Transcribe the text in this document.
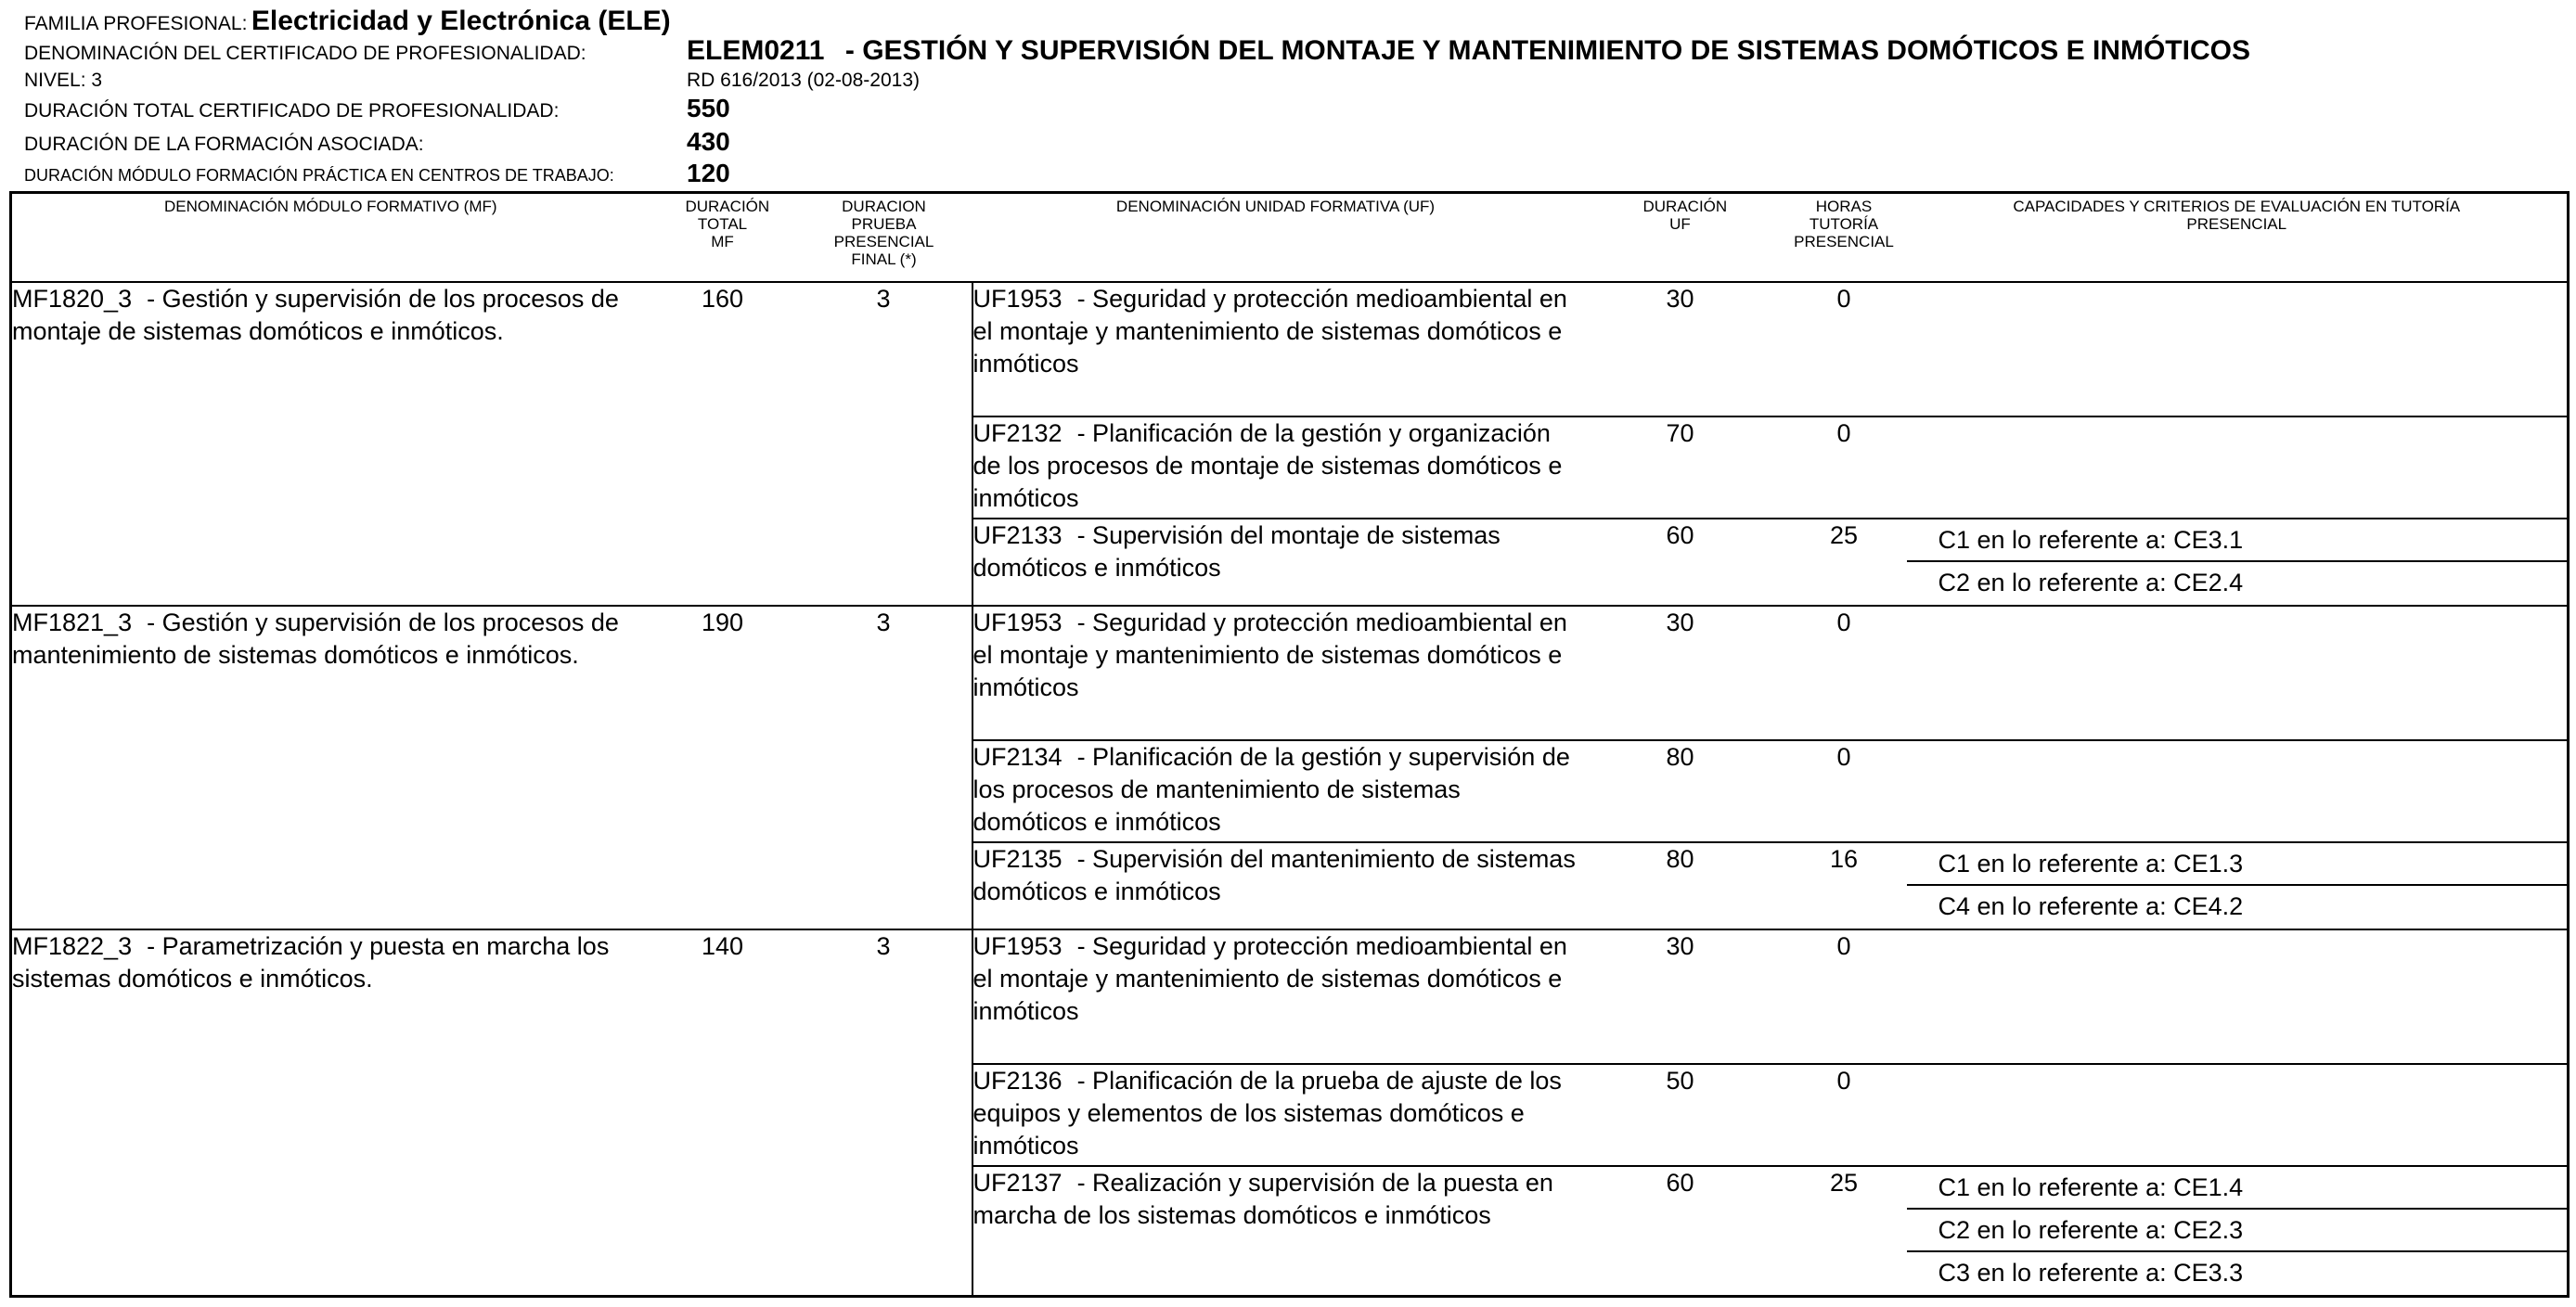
FAMILIA PROFESIONAL: Electricidad y Electrónica (ELE)
DENOMINACIÓN DEL CERTIFICADO DE PROFESIONALIDAD:	ELEM0211 - GESTIÓN Y SUPERVISIÓN DEL MONTAJE Y MANTENIMIENTO DE SISTEMAS DOMÓTICOS E INMÓTICOS
NIVEL: 3	RD 616/2013 (02-08-2013)
DURACIÓN TOTAL CERTIFICADO DE PROFESIONALIDAD:	550
DURACIÓN DE LA FORMACIÓN ASOCIADA:	430
DURACIÓN MÓDULO FORMACIÓN PRÁCTICA EN CENTROS DE TRABAJO:	120
DENOMINACIÓN MÓDULO FORMATIVO (MF)	DURACIÓN TOTAL MF	DURACION PRUEBA PRESENCIAL FINAL (*)	DENOMINACIÓN UNIDAD FORMATIVA (UF)	DURACIÓN UF	HORAS TUTORÍA PRESENCIAL	CAPACIDADES Y CRITERIOS DE EVALUACIÓN EN TUTORÍA PRESENCIAL

MF1820_3 - Gestión y supervisión de los procesos de montaje de sistemas domóticos e inmóticos.	160	3	UF1953 - Seguridad y protección medioambiental en el montaje y mantenimiento de sistemas domóticos e inmóticos	30	0	
			UF2132 - Planificación de la gestión y organización de los procesos de montaje de sistemas domóticos e inmóticos	70	0	
			UF2133 - Supervisión del montaje de sistemas domóticos e inmóticos	60	25	C1 en lo referente a: CE3.1
C2 en lo referente a: CE2.4

MF1821_3 - Gestión y supervisión de los procesos de mantenimiento de sistemas domóticos e inmóticos.	190	3	UF1953 - Seguridad y protección medioambiental en el montaje y mantenimiento de sistemas domóticos e inmóticos	30	0	
			UF2134 - Planificación de la gestión y supervisión de los procesos de mantenimiento de sistemas domóticos e inmóticos	80	0	
			UF2135 - Supervisión del mantenimiento de sistemas domóticos e inmóticos	80	16	C1 en lo referente a: CE1.3
C4 en lo referente a: CE4.2

MF1822_3 - Parametrización y puesta en marcha los sistemas domóticos e inmóticos.	140	3	UF1953 - Seguridad y protección medioambiental en el montaje y mantenimiento de sistemas domóticos e inmóticos	30	0	
			UF2136 - Planificación de la prueba de ajuste de los equipos y elementos de los sistemas domóticos e inmóticos	50	0	
			UF2137 - Realización y supervisión de la puesta en marcha de los sistemas domóticos e inmóticos	60	25	C1 en lo referente a: CE1.4
C2 en lo referente a: CE2.3
C3 en lo referente a: CE3.3
